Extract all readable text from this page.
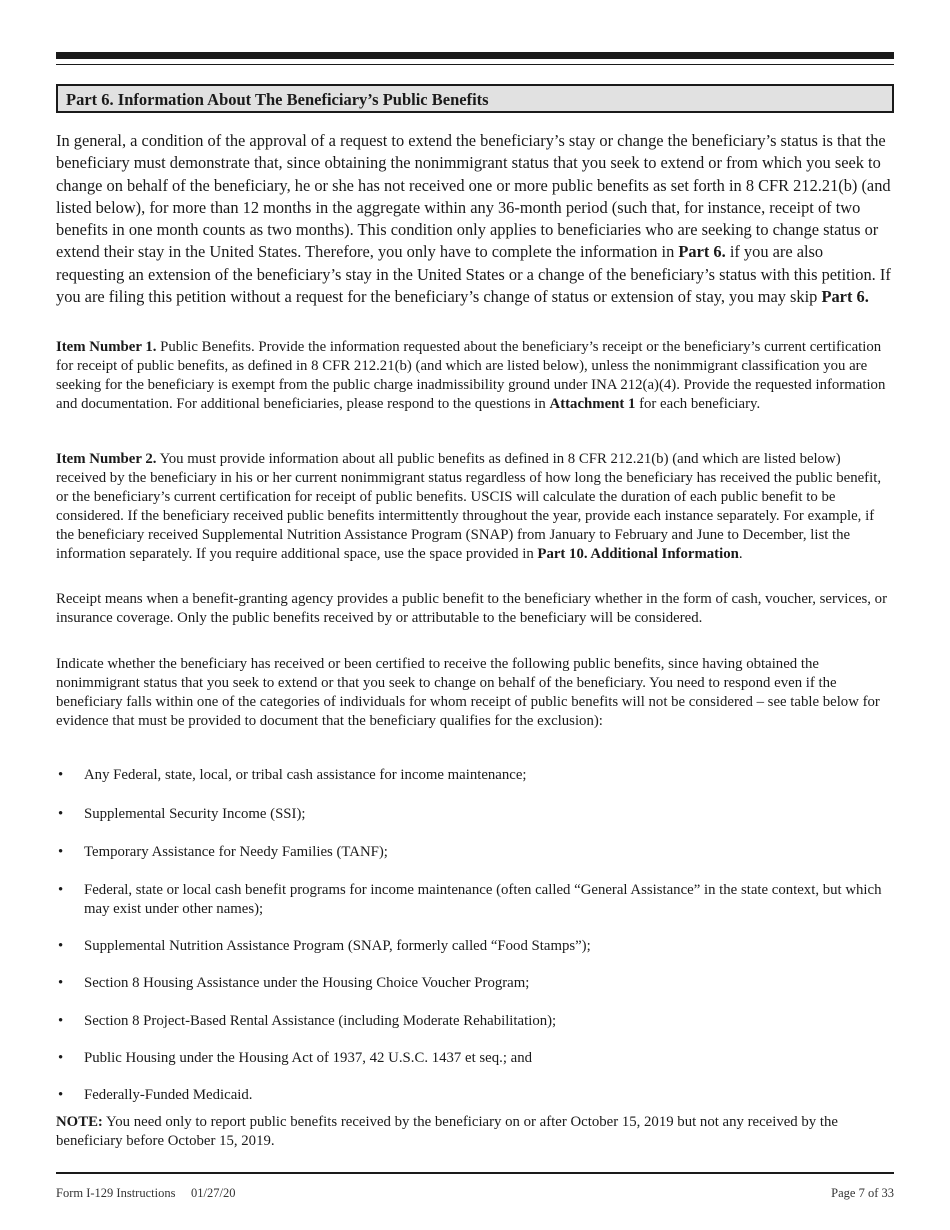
Part 6. Information About The Beneficiary’s Public Benefits

In general, a condition of the approval of a request to extend the beneficiary’s stay or change the beneficiary’s status is that the beneficiary must demonstrate that, since obtaining the nonimmigrant status that you seek to extend or from which you seek to change on behalf of the beneficiary, he or she has not received one or more public benefits as set forth in 8 CFR 212.21(b) (and listed below), for more than 12 months in the aggregate within any 36-month period (such that, for instance, receipt of two benefits in one month counts as two months). This condition only applies to beneficiaries who are seeking to change status or extend their stay in the United States. Therefore, you only have to complete the information in Part 6. if you are also requesting an extension of the beneficiary’s stay in the United States or a change of the beneficiary’s status with this petition. If you are filing this petition without a request for the beneficiary’s change of status or extension of stay, you may skip Part 6.

Item Number 1. Public Benefits. Provide the information requested about the beneficiary’s receipt or the beneficiary’s current certification for receipt of public benefits, as defined in 8 CFR 212.21(b) (and which are listed below), unless the nonimmigrant classification you are seeking for the beneficiary is exempt from the public charge inadmissibility ground under INA 212(a)(4). Provide the requested information and documentation. For additional beneficiaries, please respond to the questions in Attachment 1 for each beneficiary.

Item Number 2. You must provide information about all public benefits as defined in 8 CFR 212.21(b) (and which are listed below) received by the beneficiary in his or her current nonimmigrant status regardless of how long the beneficiary has received the public benefit, or the beneficiary’s current certification for receipt of public benefits. USCIS will calculate the duration of each public benefit to be considered. If the beneficiary received public benefits intermittently throughout the year, provide each instance separately. For example, if the beneficiary received Supplemental Nutrition Assistance Program (SNAP) from January to February and June to December, list the information separately. If you require additional space, use the space provided in Part 10. Additional Information.

Receipt means when a benefit-granting agency provides a public benefit to the beneficiary whether in the form of cash, voucher, services, or insurance coverage. Only the public benefits received by or attributable to the beneficiary will be considered.

Indicate whether the beneficiary has received or been certified to receive the following public benefits, since having obtained the nonimmigrant status that you seek to extend or that you seek to change on behalf of the beneficiary. You need to respond even if the beneficiary falls within one of the categories of individuals for whom receipt of public benefits will not be considered – see table below for evidence that must be provided to document that the beneficiary qualifies for the exclusion):

• Any Federal, state, local, or tribal cash assistance for income maintenance;
• Supplemental Security Income (SSI);
• Temporary Assistance for Needy Families (TANF);
• Federal, state or local cash benefit programs for income maintenance (often called “General Assistance” in the state context, but which may exist under other names);
• Supplemental Nutrition Assistance Program (SNAP, formerly called “Food Stamps”);
• Section 8 Housing Assistance under the Housing Choice Voucher Program;
• Section 8 Project-Based Rental Assistance (including Moderate Rehabilitation);
• Public Housing under the Housing Act of 1937, 42 U.S.C. 1437 et seq.; and
• Federally-Funded Medicaid.

NOTE: You need only to report public benefits received by the beneficiary on or after October 15, 2019 but not any received by the beneficiary before October 15, 2019.

Form I-129 Instructions     01/27/20	Page 7 of 33
